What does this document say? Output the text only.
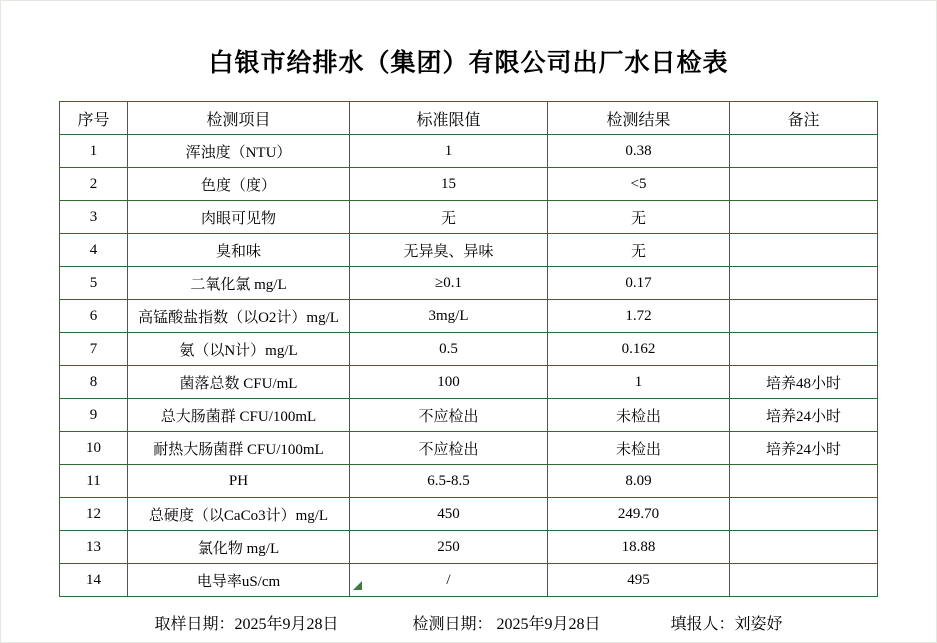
白银市给排水（集团）有限公司出厂水日检表
序号	检测项目	标准限值	检测结果	备注
1	浑浊度（NTU）	1	0.38	
2	色度（度）	15	<5	
3	肉眼可见物	无	无	
4	臭和味	无异臭、异味	无	
5	二氧化氯 mg/L	≥0.1	0.17	
6	高锰酸盐指数（以O2计）mg/L	3mg/L	1.72	
7	氨（以N计）mg/L	0.5	0.162	
8	菌落总数 CFU/mL	100	1	培养48小时
9	总大肠菌群 CFU/100mL	不应检出	未检出	培养24小时
10	耐热大肠菌群 CFU/100mL	不应检出	未检出	培养24小时
11	PH	6.5-8.5	8.09	
12	总硬度（以CaCo3计）mg/L	450	249.70	
13	氯化物 mg/L	250	18.88	
14	电导率uS/cm	/	495	
取样日期：2025年9月28日	检测日期： 2025年9月28日	填报人：刘姿妤
